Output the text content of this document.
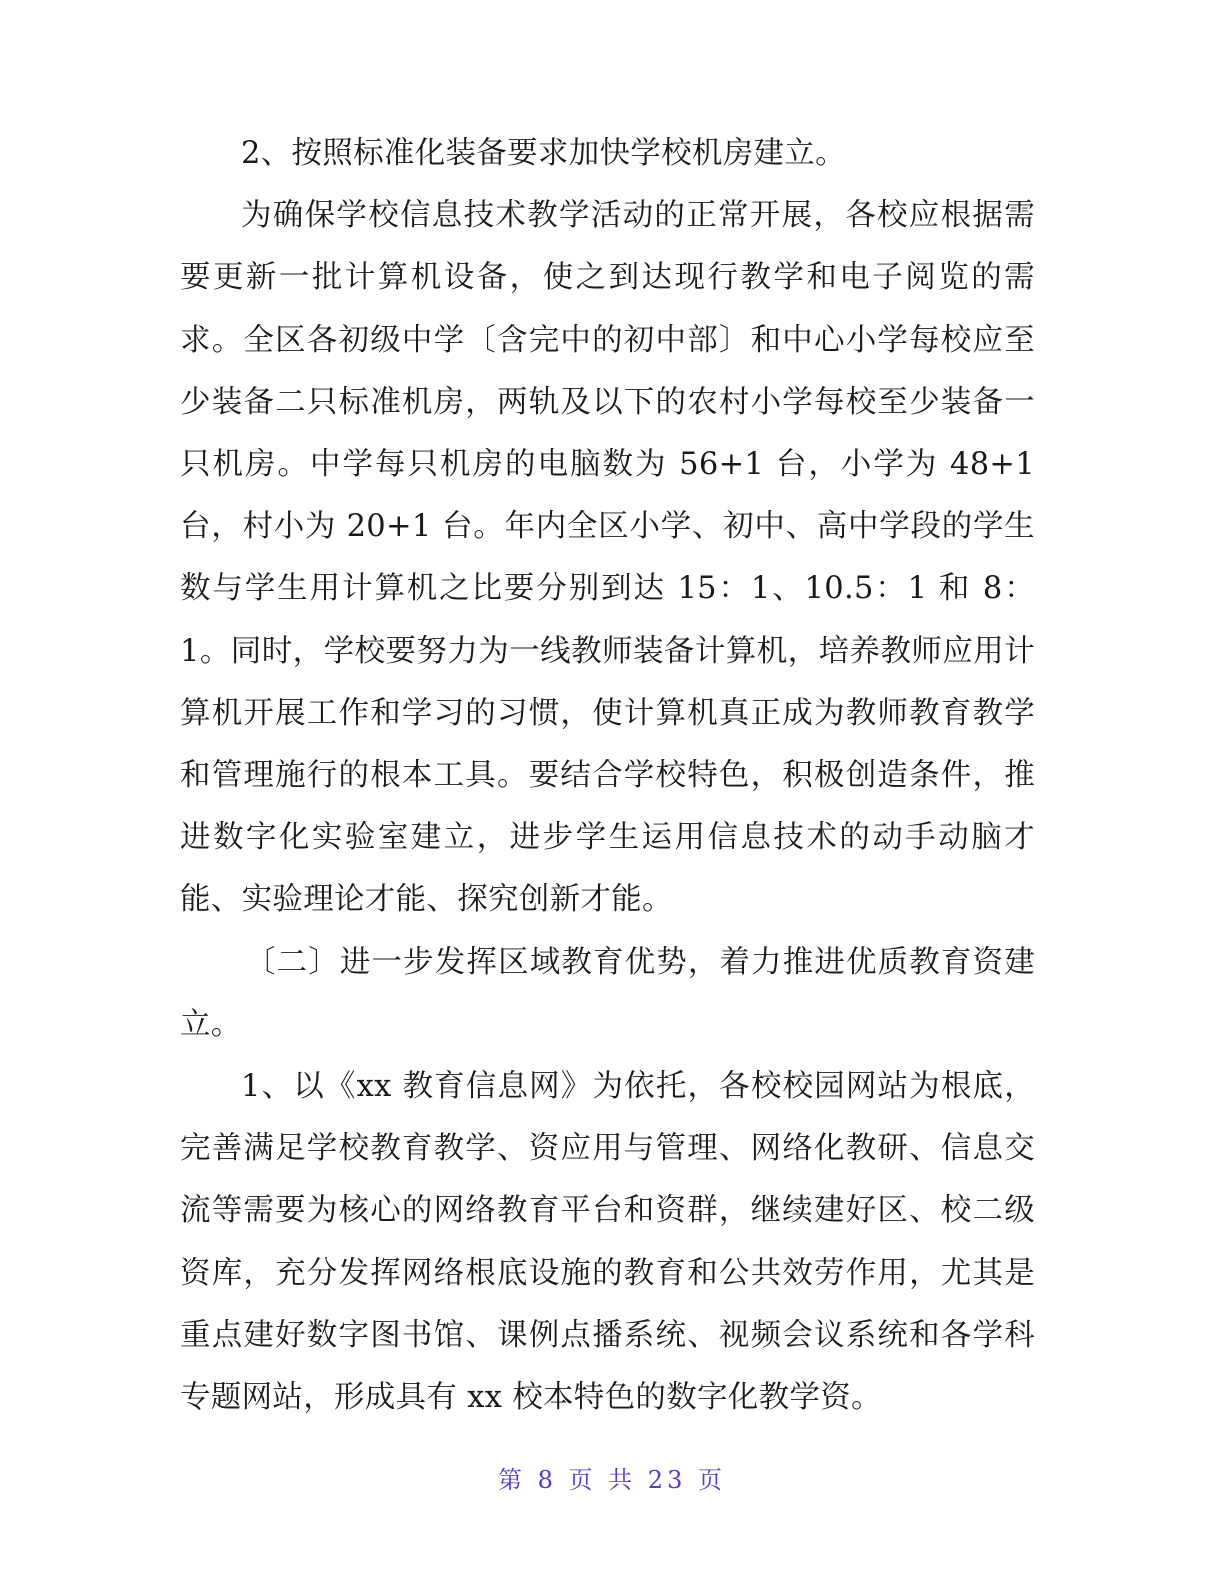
2、按照标准化装备要求加快学校机房建立。

为确保学校信息技术教学活动的正常开展，各校应根据需要更新一批计算机设备，使之到达现行教学和电子阅览的需求。全区各初级中学〔含完中的初中部〕和中心小学每校应至少装备二只标准机房，两轨及以下的农村小学每校至少装备一只机房。中学每只机房的电脑数为 56+1 台，小学为 48+1 台，村小为 20+1 台。年内全区小学、初中、高中学段的学生数与学生用计算机之比要分别到达 15：1、10.5：1 和 8：1。同时，学校要努力为一线教师装备计算机，培养教师应用计算机开展工作和学习的习惯，使计算机真正成为教师教育教学和管理施行的根本工具。要结合学校特色，积极创造条件，推进数字化实验室建立，进步学生运用信息技术的动手动脑才能、实验理论才能、探究创新才能。

〔二〕进一步发挥区域教育优势，着力推进优质教育资建立。

1、以《xx 教育信息网》为依托，各校校园网站为根底，完善满足学校教育教学、资应用与管理、网络化教研、信息交流等需要为核心的网络教育平台和资群，继续建好区、校二级资库，充分发挥网络根底设施的教育和公共效劳作用，尤其是重点建好数字图书馆、课例点播系统、视频会议系统和各学科专题网站，形成具有 xx 校本特色的数字化教学资。

第 8 页 共 23 页
